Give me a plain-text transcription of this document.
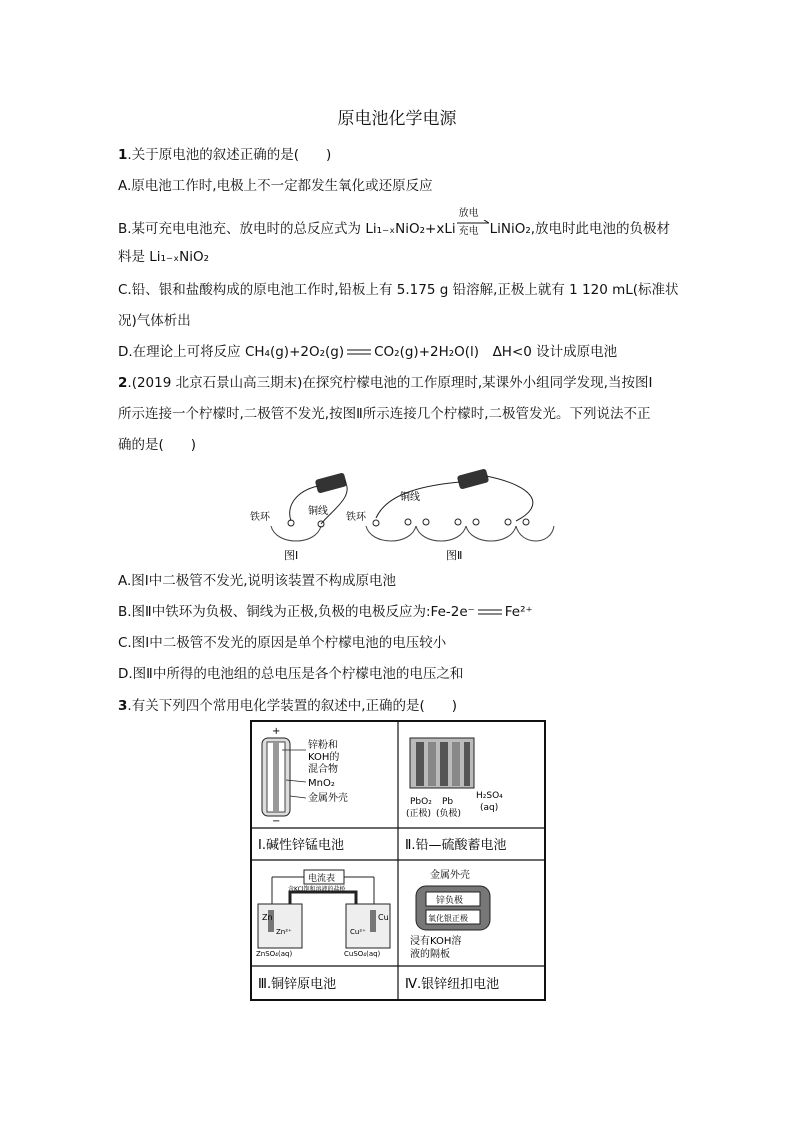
原电池化学电源
1.关于原电池的叙述正确的是(　　)
A.原电池工作时,电极上不一定都发生氧化或还原反应
B.某可充电电池充、放电时的总反应式为 Li₁₋ₓNiO₂+xLi
放电
充电 LiNiO₂,放电时此电池的负极材
料是 Li₁₋ₓNiO₂
C.铅、银和盐酸构成的原电池工作时,铅板上有 5.175 g 铅溶解,正极上就有 1 120 mL(标准状
况)气体析出
D.在理论上可将反应 CH₄(g)+2O₂(g) CO₂(g)+2H₂O(l)　ΔH<0 设计成原电池
2.(2019 北京石景山高三期末)在探究柠檬电池的工作原理时,某课外小组同学发现,当按图Ⅰ
所示连接一个柠檬时,二极管不发光,按图Ⅱ所示连接几个柠檬时,二极管发光。下列说法不正
确的是(　　)
铁环
铜线
图Ⅰ
铁环
铜线
图Ⅱ
A.图Ⅰ中二极管不发光,说明该装置不构成原电池
B.图Ⅱ中铁环为负极、铜线为正极,负极的电极反应为:Fe-2e⁻ Fe²⁺
C.图Ⅰ中二极管不发光的原因是单个柠檬电池的电压较小
D.图Ⅱ中所得的电池组的总电压是各个柠檬电池的电压之和
3.有关下列四个常用电化学装置的叙述中,正确的是(　　)
+
−
锌粉和
KOH的
混合物
MnO₂
金属外壳	H₂SO₄
(aq)
PbO₂ Pb
(正极) (负极)
电流表
含KCl饱和溶液的盐桥
Zn	Cu
Zn²⁺	Cu²⁺
ZnSO₄(aq)	CuSO₄(aq)
金属外壳
锌负极
氧化银正极
浸有KOH溶
液的隔板
Ⅰ.碱性锌锰电池	Ⅱ.铅—硫酸蓄电池
Ⅲ.铜锌原电池	Ⅳ.银锌纽扣电池
